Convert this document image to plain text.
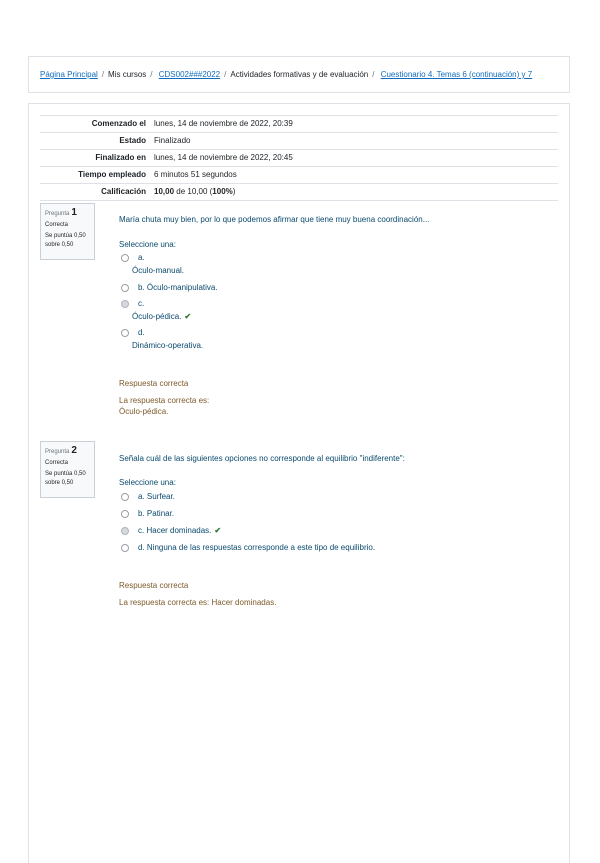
Página Principal / Mis cursos / CDS002###2022 / Actividades formativas y de evaluación / Cuestionario 4. Temas 6 (continuación) y 7
Comenzado el	lunes, 14 de noviembre de 2022, 20:39
Estado	Finalizado
Finalizado en	lunes, 14 de noviembre de 2022, 20:45
Tiempo empleado	6 minutos 51 segundos
Calificación	10,00 de 10,00 (100%)
Pregunta 1
Correcta
Se puntúa 0,50 sobre 0,50
María chuta muy bien, por lo que podemos afirmar que tiene muy buena coordinación...
Seleccione una:
a.
Óculo-manual.
b. Óculo-manipulativa.
c.
Óculo-pédica. ✔
d.
Dinámico-operativa.
Respuesta correcta
La respuesta correcta es:
Óculo-pédica.
Pregunta 2
Correcta
Se puntúa 0,50 sobre 0,50
Señala cuál de las siguientes opciones no corresponde al equilibrio "indiferente":
Seleccione una:
a. Surfear.
b. Patinar.
c. Hacer dominadas. ✔
d. Ninguna de las respuestas corresponde a este tipo de equilibrio.
Respuesta correcta
La respuesta correcta es: Hacer dominadas.
